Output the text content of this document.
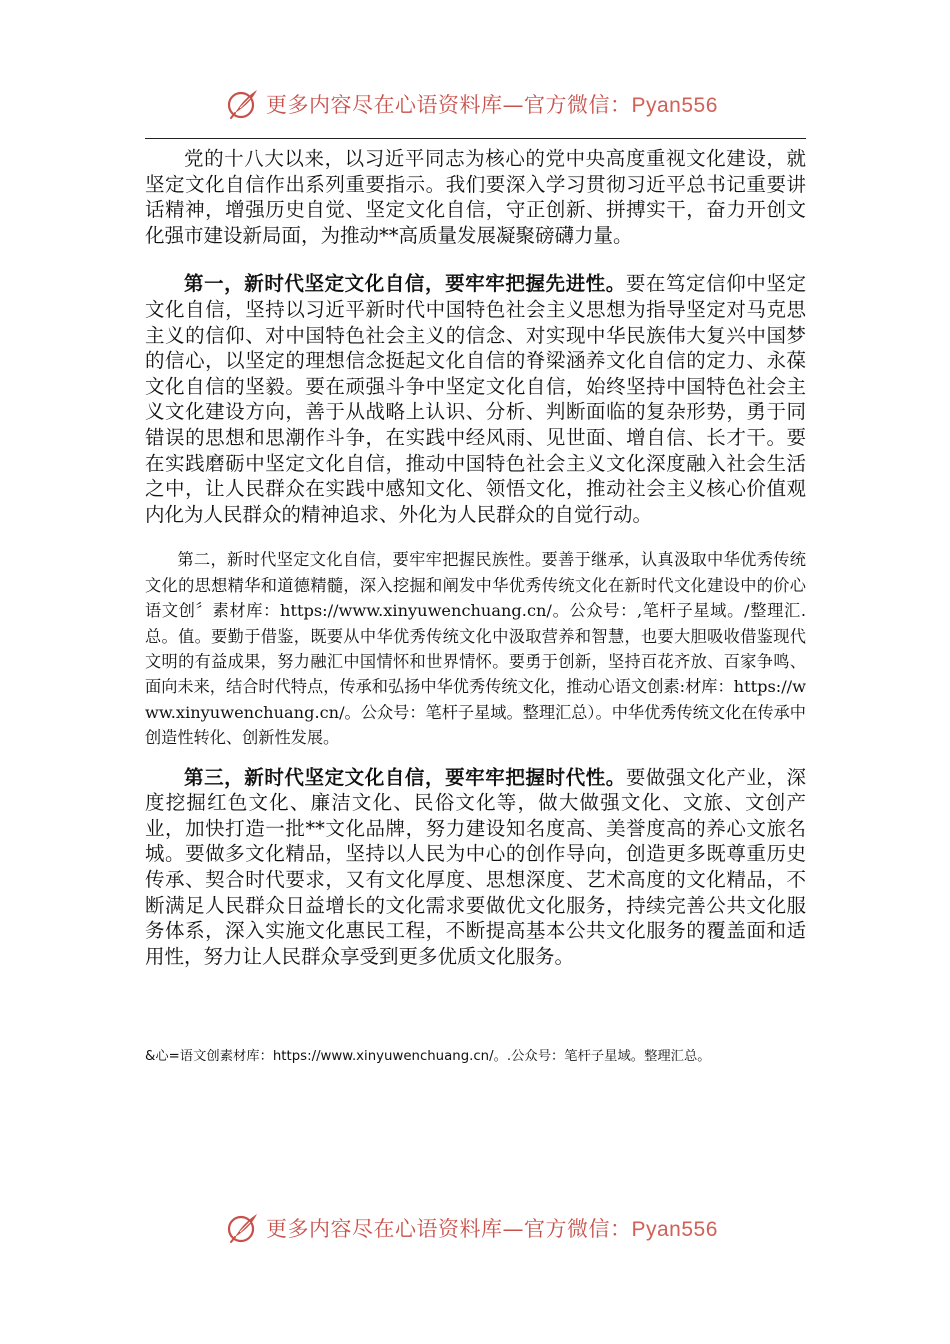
更多内容尽在心语资料库—官方微信：Pyan556

党的十八大以来，以习近平同志为核心的党中央高度重视文化建设，就坚定文化自信作出系列重要指示。我们要深入学习贯彻习近平总书记重要讲话精神，增强历史自觉、坚定文化自信，守正创新、拼搏实干，奋力开创文化强市建设新局面，为推动**高质量发展凝聚磅礴力量。

第一，新时代坚定文化自信，要牢牢把握先进性。要在笃定信仰中坚定文化自信，坚持以习近平新时代中国特色社会主义思想为指导坚定对马克思主义的信仰、对中国特色社会主义的信念、对实现中华民族伟大复兴中国梦的信心，以坚定的理想信念挺起文化自信的脊梁涵养文化自信的定力、永葆文化自信的坚毅。要在顽强斗争中坚定文化自信，始终坚持中国特色社会主义文化建设方向，善于从战略上认识、分析、判断面临的复杂形势，勇于同错误的思想和思潮作斗争，在实践中经风雨、见世面、增自信、长才干。要在实践磨砺中坚定文化自信，推动中国特色社会主义文化深度融入社会生活之中，让人民群众在实践中感知文化、领悟文化，推动社会主义核心价值观内化为人民群众的精神追求、外化为人民群众的自觉行动。

第二，新时代坚定文化自信，要牢牢把握民族性。要善于继承，认真汲取中华优秀传统文化的思想精华和道德精髓，深入挖掘和阐发中华优秀传统文化在新时代文化建设中的价心语文创〞素材库：https://www.xinyuwenchuang.cn/。公众号：,笔杆子星域。/整理汇.总。值。要勤于借鉴，既要从中华优秀传统文化中汲取营养和智慧，也要大胆吸收借鉴现代文明的有益成果，努力融汇中国情怀和世界情怀。要勇于创新，坚持百花齐放、百家争鸣、面向未来，结合时代特点，传承和弘扬中华优秀传统文化，推动心语文创素:材库：https://www.xinyuwenchuang.cn/。公众号：笔杆子星域。整理汇总）。中华优秀传统文化在传承中创造性转化、创新性发展。

第三，新时代坚定文化自信，要牢牢把握时代性。要做强文化产业，深度挖掘红色文化、廉洁文化、民俗文化等，做大做强文化、文旅、文创产业，加快打造一批**文化品牌，努力建设知名度高、美誉度高的养心文旅名城。要做多文化精品，坚持以人民为中心的创作导向，创造更多既尊重历史传承、契合时代要求，又有文化厚度、思想深度、艺术高度的文化精品，不断满足人民群众日益增长的文化需求要做优文化服务，持续完善公共文化服务体系，深入实施文化惠民工程，不断提高基本公共文化服务的覆盖面和适用性，努力让人民群众享受到更多优质文化服务。

&心=语文创素材库：https://www.xinyuwenchuang.cn/。.公众号：笔杆子星域。整理汇总。
更多内容尽在心语资料库—官方微信：Pyan556
